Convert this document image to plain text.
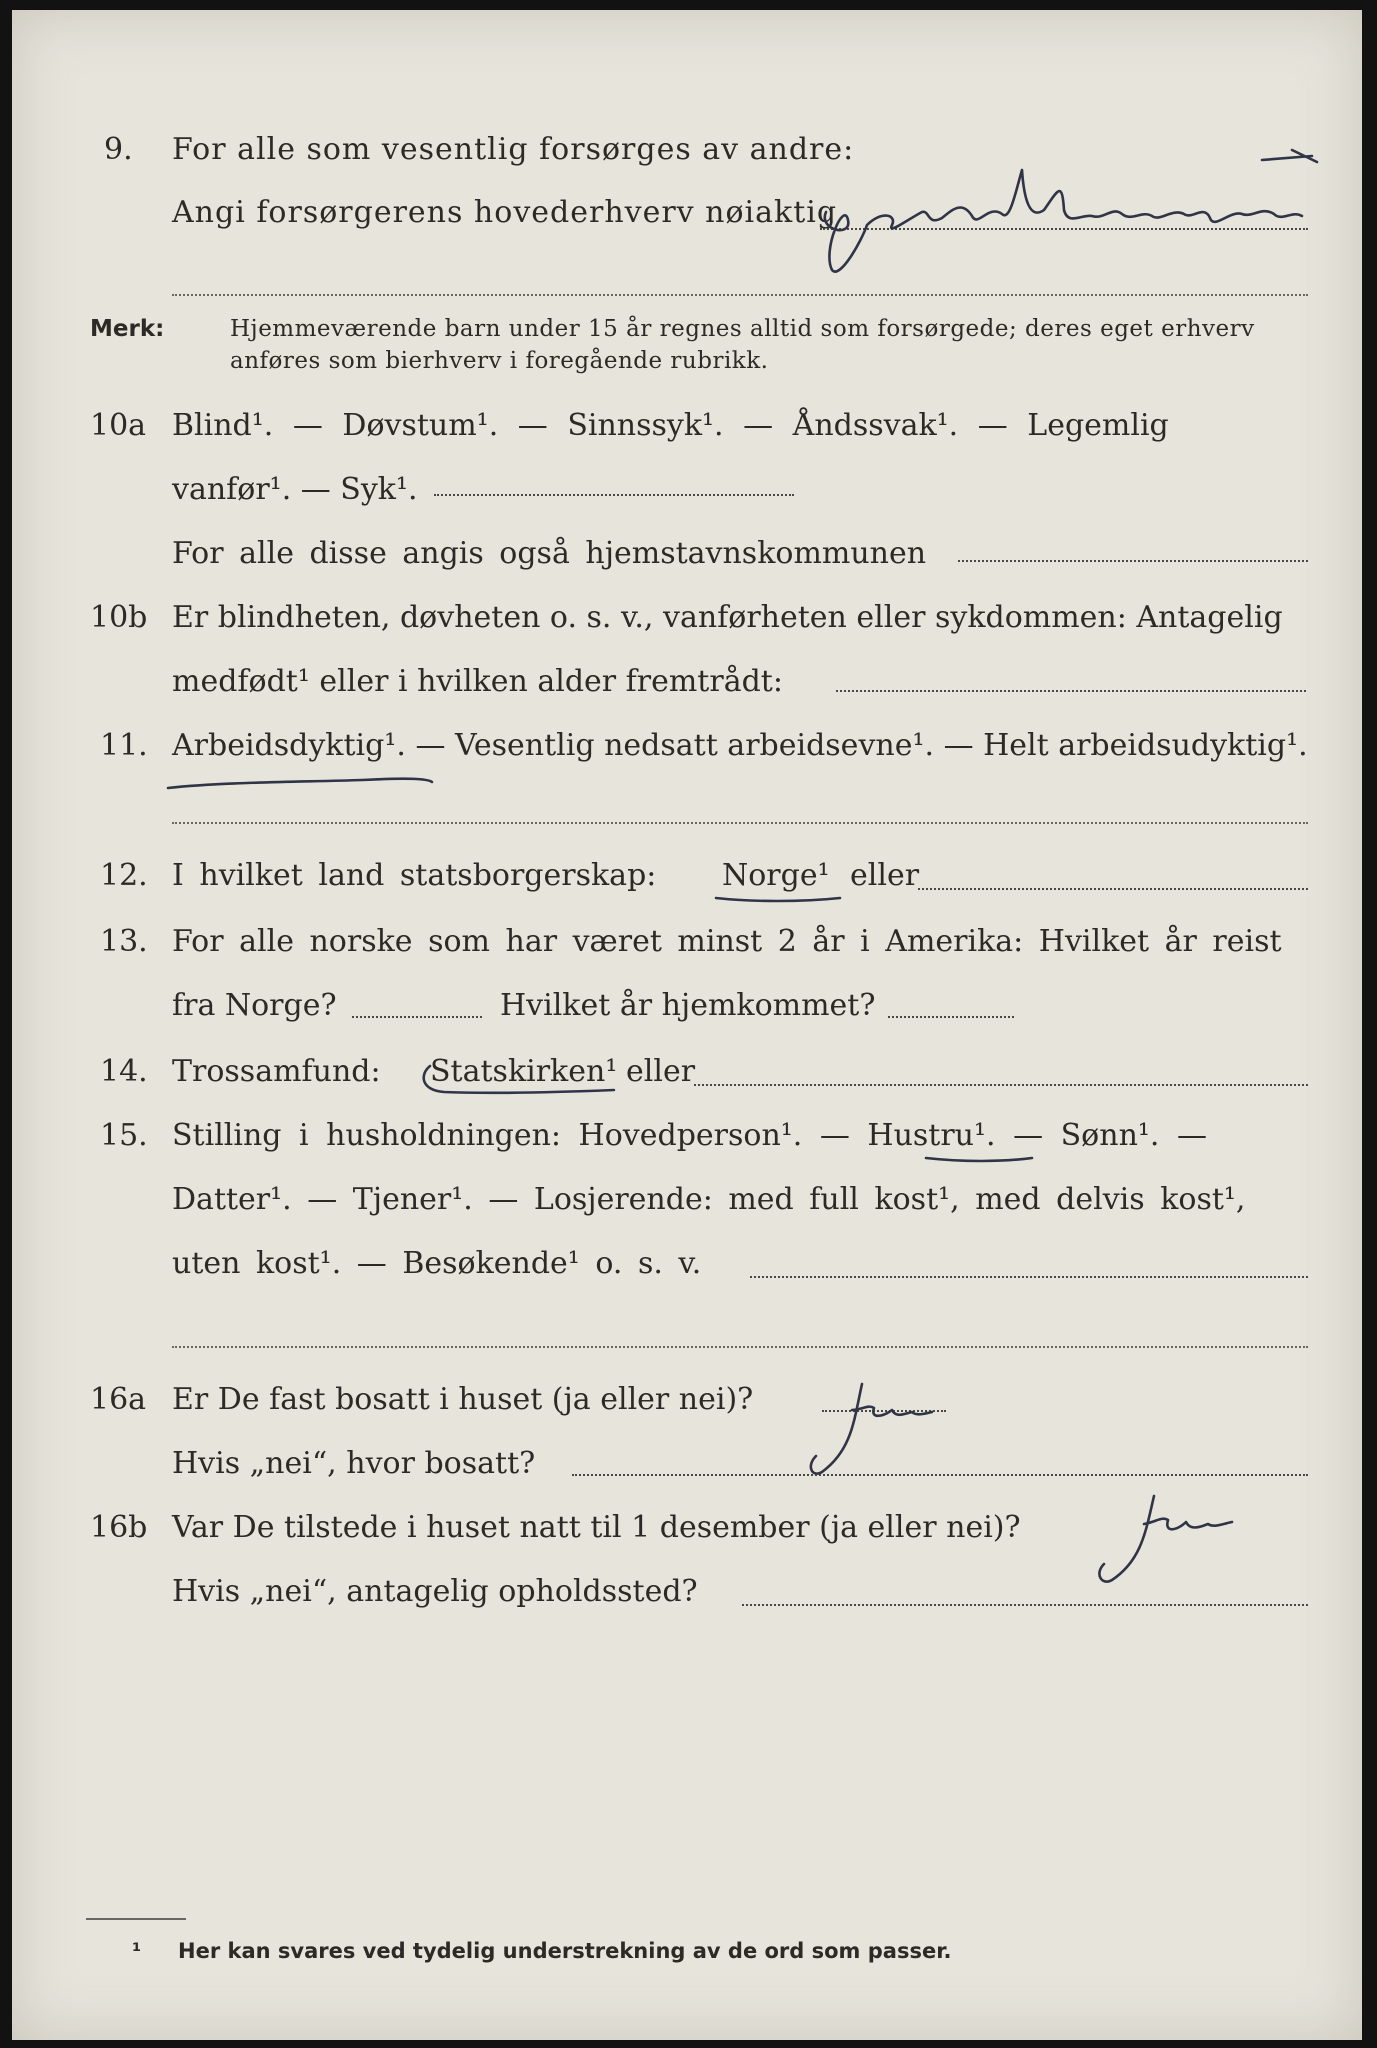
9. For alle som vesentlig forsørges av andre:
Angi forsørgerens hovederhverv nøiaktig
Merk:	Hjemmeværende barn under 15 år regnes alltid som forsørgede; deres eget erhverv
anføres som bierhverv i foregående rubrikk.
10a Blind¹. — Døvstum¹. — Sinnssyk¹. — Åndssvak¹. — Legemlig
vanfør¹. — Syk¹.
For alle disse angis også hjemstavnskommunen
10b Er blindheten, døvheten o. s. v., vanførheten eller sykdommen: Antagelig
medfødt¹ eller i hvilken alder fremtrådt:
11. Arbeidsdyktig¹. — Vesentlig nedsatt arbeidsevne¹. — Helt arbeidsudyktig¹.
12. I hvilket land statsborgerskap: Norge¹ eller
13. For alle norske som har været minst 2 år i Amerika: Hvilket år reist
fra Norge?	Hvilket år hjemkommet?
14. Trossamfund: Statskirken¹ eller
15. Stilling i husholdningen: Hovedperson¹. — Hustru¹. — Sønn¹. —
Datter¹. — Tjener¹. — Losjerende: med full kost¹, med delvis kost¹,
uten kost¹. — Besøkende¹ o. s. v.
16a Er De fast bosatt i huset (ja eller nei)?
Hvis „nei“, hvor bosatt?
16b Var De tilstede i huset natt til 1 desember (ja eller nei)?
Hvis „nei“, antagelig opholdssted?
¹ Her kan svares ved tydelig understrekning av de ord som passer.
